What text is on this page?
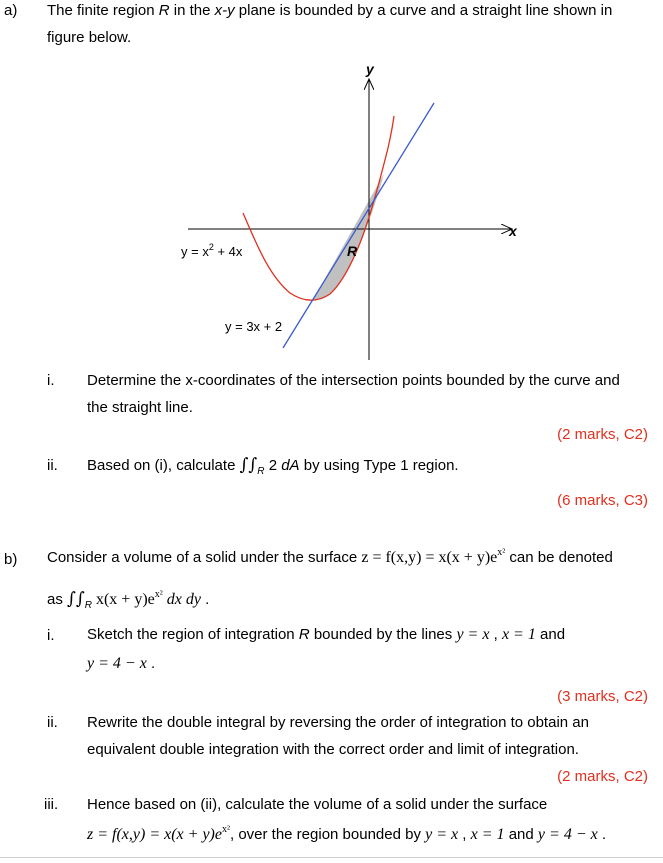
a) The finite region R in the x-y plane is bounded by a curve and a straight line shown in
figure below.
y
x
R
$y = x^2 + 4x$
y = 3x + 2
i. Determine the x-coordinates of the intersection points bounded by the curve and
the straight line.
(2 marks, C2)
ii. Based on (i), calculate $\int\int_R$ 2 dA by using Type 1 region.
(6 marks, C3)
b) Consider a volume of a solid under the surface $z = f(x,y) = x(x + y)e^{x^2}$ can be denoted
as $\int\int_R$ $x(x + y)e^{x^2}$ dx dy .
i. Sketch the region of integration R bounded by the lines y = x , x = 1 and
y = 4 − x .
(3 marks, C2)
ii. Rewrite the double integral by reversing the order of integration to obtain an
equivalent double integration with the correct order and limit of integration.
(2 marks, C2)
iii. Hence based on (ii), calculate the volume of a solid under the surface
$z = f(x,y) = x(x + y)e^{x^2}$, over the region bounded by y = x , x = 1 and y = 4 − x .
